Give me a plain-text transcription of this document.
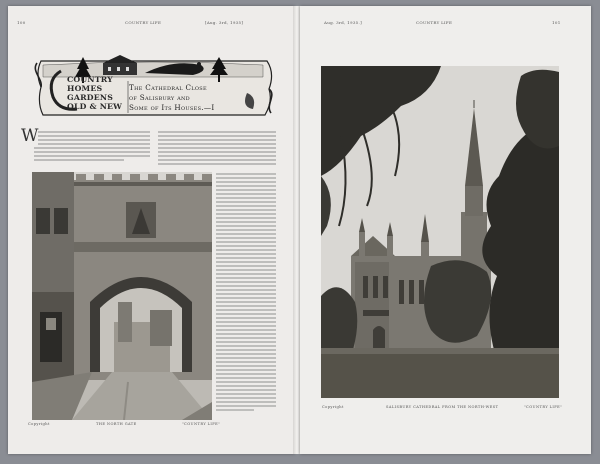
100	COUNTRY LIFE	[Aug. 3rd, 1935]
COUNTRY
HOMES
GARDENS
OLD & NEW
The Cathedral Close
of Salisbury and
Some of Its Houses.—I
W
Copyright	THE NORTH GATE	"COUNTRY LIFE"
Aug. 3rd, 1935.]	COUNTRY LIFE	101
Copyright	SALISBURY CATHEDRAL FROM THE NORTH-WEST	"COUNTRY LIFE"
